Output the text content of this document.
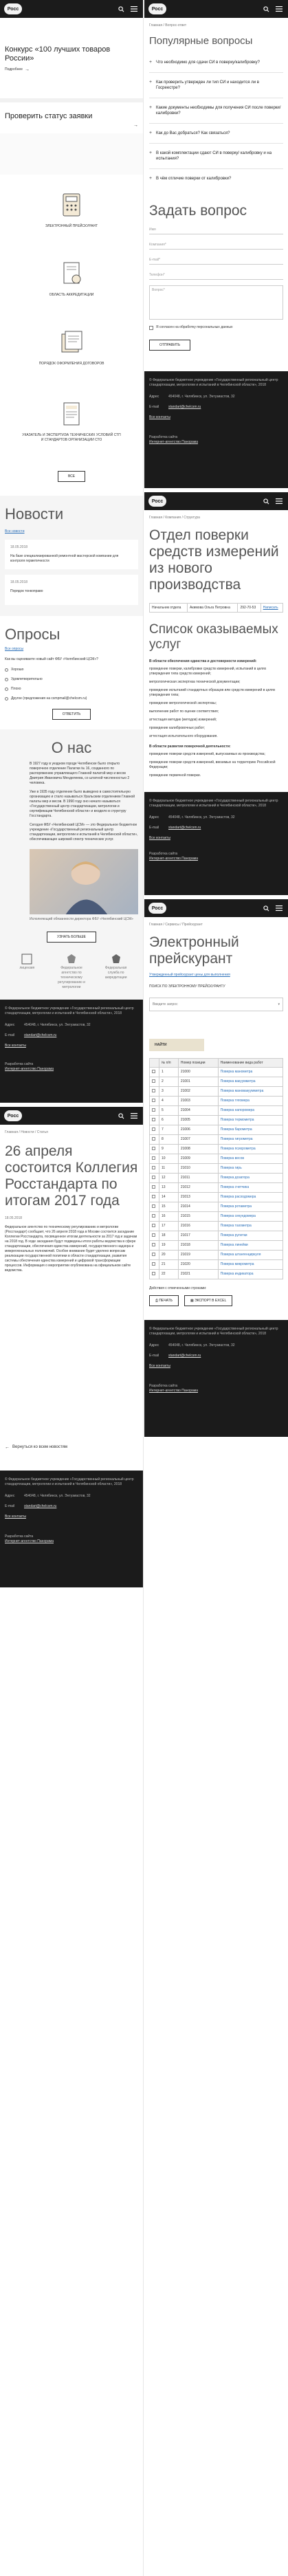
Росс
Конкурс «100 лучших товаров России»
Подробнее →
Проверить статус заявки
→
ЭЛЕКТРОННЫЙ ПРЕЙСКУРАНТ
ОБЛАСТЬ АККРЕДИТАЦИИ
ПОРЯДОК ОФОРМЛЕНИЯ ДОГОВОРОВ
УКАЗАТЕЛЬ И ЭКСПЕРТИЗА ТЕХНИЧЕСКИХ УСЛОВИЙ СТП И СТАНДАРТОВ ОРГАНИЗАЦИИ СТО
ВСЕ
Новости
Все новости
18.05.2018
На базе специализированной ремонтной мастерской компании для контроля герметичности
18.05.2018
Порядок тонкоправо
Опросы
Все опросы
Как вы оцениваете новый сайт ФБУ «Челябинский ЦСМ»?
Хорошо
Удовлетворительно
Плохо
Другое (предложения на csmpmail@chelcsm.ru)
ОТВЕТИТЬ
О нас
В 1927 году в уездном городе Челябинске было открыто поверочное отделение Палатки № 16, созданного по распоряжению управляющего Главной палатой мер и весов Дмитрия Ивановича Менделеева, со штатной численностью 2 человека.
Уже в 1935 году отделение было выведено в самостоятельную организацию и стало называться Уральским отделением Главной палаты мер и весов. В 1990 году оно начало называться «Государственный центр стандартизации, метрологии и сертификации Челябинской области» и входило в структуру Госстандарта.
Сегодня ФБУ «Челябинский ЦСМ» — это Федеральное бюджетное учреждение «Государственный региональный центр стандартизации, метрологии и испытаний в Челябинской области», обеспечивающее широкий спектр технических услуг.
Исполняющий обязанности директора ФБУ «Челябинский ЦСМ»
УЗНАТЬ БОЛЬШЕ
лицензия	Федеральное агентство по техническому регулированию и метрологии
Федеральная служба по аккредитации
© Федеральное бюджетное учреждение «Государственный региональный центр стандартизации, метрологии и испытаний в Челябинской области», 2018
Адрес	454048, г. Челябинск, ул. Энтузиастов, 32
E-mail	standart@chelcsm.ru
Все контакты
Разработка сайта
Интернет-агентство Панорама
Росс
Главная / Новости / Статья
26 апреля состоится Коллегия Росстандарта по итогам 2017 года
18.05.2018
Федеральное агентство по техническому регулированию и метрологии (Росстандарт) сообщает, что 26 апреля 2018 года в Москве состоится заседание Коллегии Росстандарта, посвященное итогам деятельности за 2017 год и задачам на 2018 год. В ходе заседания будут подведены итоги работы ведомства в сфере стандартизации, обеспечения единства измерений, государственного надзора и межрегиональных полномочий. Особое внимание будет уделено вопросам реализации государственной политики в области стандартизации, развития системы обеспечения единства измерений и цифровой трансформации процессов. Информация о мероприятии опубликована на официальном сайте ведомства.
← Вернуться ко всем новостям
© Федеральное бюджетное учреждение «Государственный региональный центр стандартизации, метрологии и испытаний в Челябинской области», 2018
Адрес	454048, г. Челябинск, ул. Энтузиастов, 32
E-mail	standart@chelcsm.ru
Все контакты
Разработка сайта
Интернет-агентство Панорама
Росс
Главная / Вопрос-ответ
Популярные вопросы
+ Что необходимо для сдачи СИ в поверку/калибровку?
+ Как проверить утвержден ли тип СИ и находится ли в Госреестре?
+ Какие документы необходимы для получения СИ после поверки/ калибровки?
+ Как до Вас добраться? Как связаться?
+ В какой комплектации сдают СИ в поверку/ калибровку и на испытания?
+ В чём отличие поверки от калибровки?
Задать вопрос
Имя
Компания*
E-mail*
Телефон*
Вопрос*
Я согласен на обработку персональных данных
ОТПРАВИТЬ
© Федеральное бюджетное учреждение «Государственный региональный центр стандартизации, метрологии и испытаний в Челябинской области», 2018
Адрес	454048, г. Челябинск, ул. Энтузиастов, 32
E-mail	standart@chelcsm.ru
Все контакты
Разработка сайта
Интернет-агентство Панорама
Росс
Главная / Компания / Структура
Отдел поверки средств измерений из нового производства
Начальник отдела	Акимова Ольга Петровна	292-70-53	Написать
Список оказываемых услуг
В области обеспечения единства и достоверности измерений:
проведение поверки, калибровки средств измерений, испытаний в целях утверждения типа средств измерений;
метрологическая экспертиза технической документации;
проведение испытаний стандартных образцов или средств измерений в целях утверждения типа;
проведение метрологической экспертизы;
выполнение работ по оценке соответствия;
аттестация методик (методов) измерений;
проведение калибровочных работ;
аттестация испытательного оборудования.
В области развития поверочной деятельности:
проведение поверки средств измерений, выпускаемых из производства;
проведение поверки средств измерений, ввозимых на территорию Российской Федерации;
проведение первичной поверки.
© Федеральное бюджетное учреждение «Государственный региональный центр стандартизации, метрологии и испытаний в Челябинской области», 2018
Адрес	454048, г. Челябинск, ул. Энтузиастов, 32
E-mail	standart@chelcsm.ru
Все контакты
Разработка сайта
Интернет-агентство Панорама
Росс
Главная / Сервисы / Прейскурант
Электронный прейскурант
Утвержденный прейскурант цены для выполнения
ПОИСК ПО ЭЛЕКТРОННОМУ ПРЕЙСКУРАНТУ
Введите запрос	▾
НАЙТИ
	№ п/п	Номер позиции	Наименование вида работ
	1	21000	Поверка манометра
	2	21001	Поверка вакуумметра
	3	21002	Поверка мановакуумметра
	4	21003	Поверка тягомера
	5	21004	Поверка напоромера
	6	21005	Поверка термометра
	7	21006	Поверка барометра
	8	21007	Поверка гигрометра
	9	21008	Поверка психрометра
	10	21009	Поверка весов
	11	21010	Поверка гирь
	12	21011	Поверка дозатора
	13	21012	Поверка счетчика
	14	21013	Поверка расходомера
	15	21014	Поверка ротаметра
	16	21015	Поверка секундомера
	17	21016	Поверка тахометра
	18	21017	Поверка рулетки
	19	21018	Поверка линейки
	20	21019	Поверка штангенциркуля
	21	21020	Поверка микрометра
	22	21021	Поверка индикатора
Действия с отмеченными строками:
⎙ ПЕЧАТЬ	▦ ЭКСПОРТ В EXCEL
© Федеральное бюджетное учреждение «Государственный региональный центр стандартизации, метрологии и испытаний в Челябинской области», 2018
Адрес	454048, г. Челябинск, ул. Энтузиастов, 32
E-mail	standart@chelcsm.ru
Все контакты
Разработка сайта
Интернет-агентство Панорама
